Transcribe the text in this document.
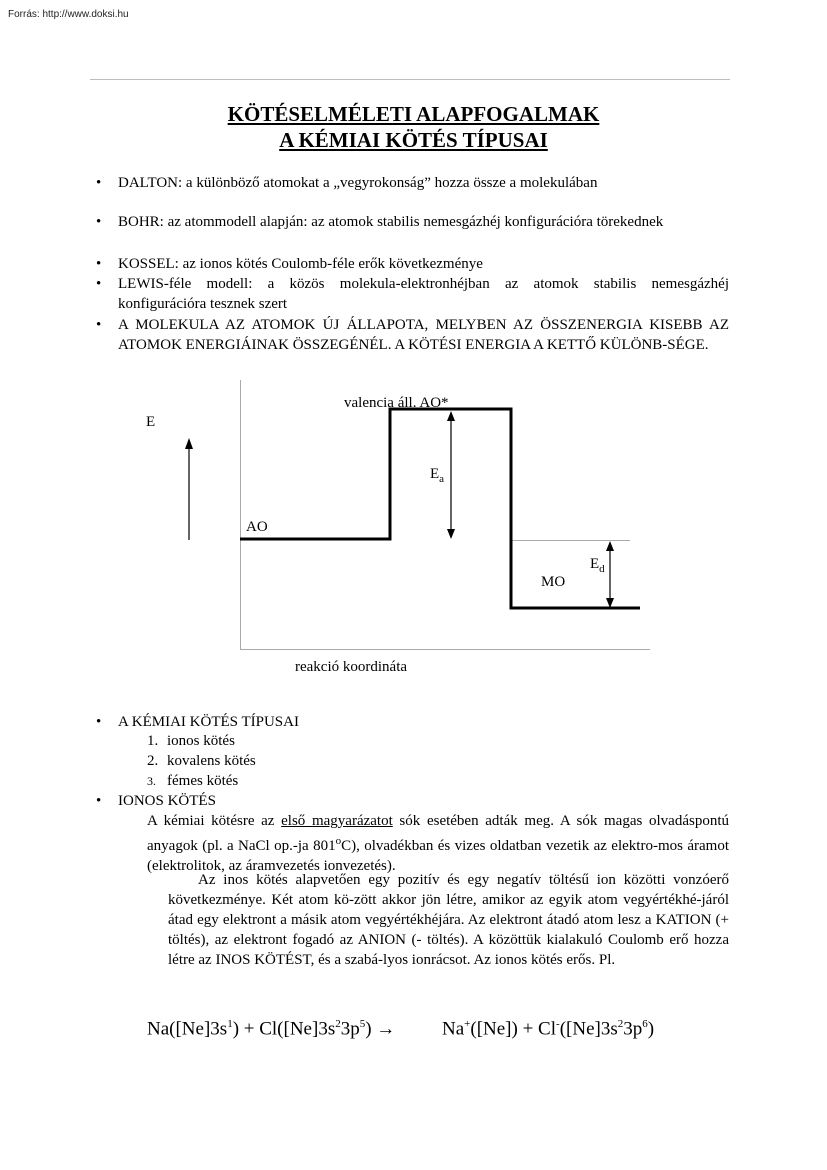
Forrás: http://www.doksi.hu
KÖTÉSELMÉLETI ALAPFOGALMAK
A KÉMIAI KÖTÉS TÍPUSAI
• DALTON: a különböző atomokat a „vegyrokonság” hozza össze a molekulában
• BOHR: az atommodell alapján: az atomok stabilis nemesgázhéj konfigurációra törekednek
• KOSSEL: az ionos kötés Coulomb-féle erők következménye
• LEWIS-féle modell: a közös molekula-elektronhéjban az atomok stabilis nemesgázhéj konfigurációra tesznek szert
• A MOLEKULA AZ ATOMOK ÚJ ÁLLAPOTA, MELYBEN AZ ÖSSZENERGIA KISEBB AZ ATOMOK ENERGIÁINAK ÖSSZEGÉNÉL. A KÖTÉSI ENERGIA A KETTŐ KÜLÖNB-SÉGE.
E
valencia áll. AO*
AO
MO
$E_a$
$E_d$
reakció koordináta
• A KÉMIAI KÖTÉS TÍPUSAI
1. ionos kötés
2. kovalens kötés
3. fémes kötés
• IONOS KÖTÉS
A kémiai kötésre az első magyarázatot sók esetében adták meg. A sók magas olvadáspontú anyagok (pl. a NaCl op.-ja 801$^o$C), olvadékban és vizes oldatban vezetik az elektro-mos áramot (elektrolitok, az áramvezetés ionvezetés).
Az inos kötés alapvetően egy pozitív és egy negatív töltésű ion közötti vonzóerő következménye. Két atom kö-zött akkor jön létre, amikor az egyik atom vegyértékhé-járól átad egy elektront a másik atom vegyértékhéjára. Az elektront átadó atom lesz a KATION (+ töltés), az elektront fogadó az ANION (- töltés). A közöttük kialakuló Coulomb erő hozza létre az INOS KÖTÉST, és a szabá-lyos ionrácsot. Az ionos kötés erős. Pl.
$Na([Ne]3s^1) + Cl([Ne]3s^23p^5) \to Na^+([Ne]) + Cl^-([Ne]3s^23p^6)$
